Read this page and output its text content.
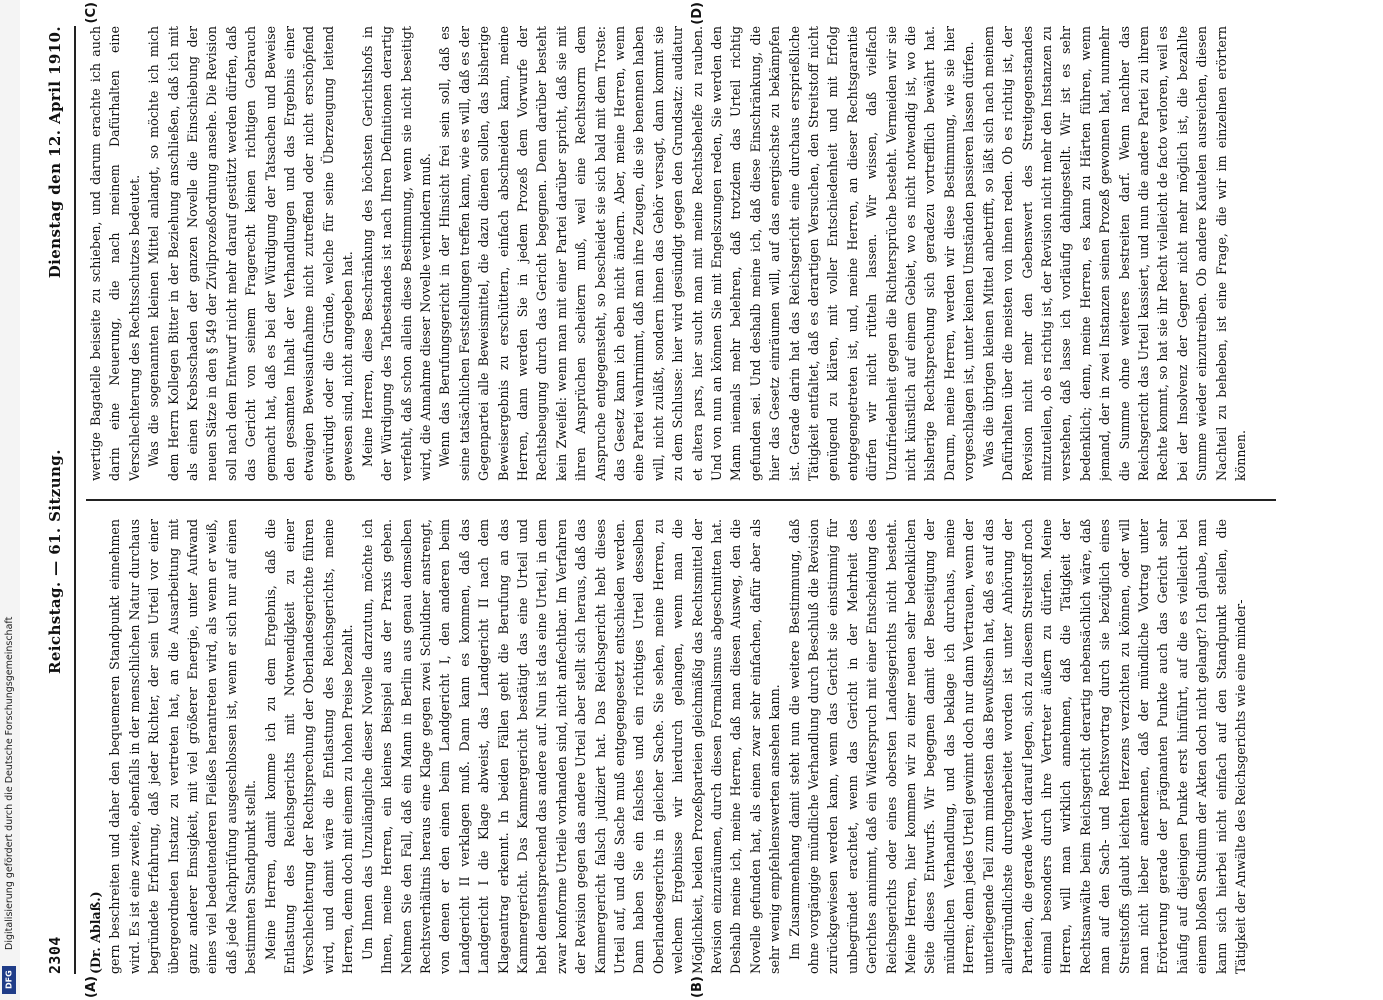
Digitalisierung gefördert durch die Deutsche Forschungsgemeinschaft
DFG
2304
Reichstag. — 61. Sitzung.
Dienstag den 12. April 1910.

(Dr. Ablaß.) gern beschreiten und daher den bequemeren Standpunkt einnehmen wird. Es ist eine zweite, ebenfalls in der menschlichen Natur durchaus begründete Erfahrung, daß jeder Richter, der sein Urteil vor einer übergeordneten Instanz zu vertreten hat, an die Ausarbeitung mit ganz anderer Emsigkeit, mit viel größerer Energie, unter Aufwand eines viel bedeutenderen Fleißes herantreten wird, als wenn er weiß, daß jede Nachprüfung ausgeschlossen ist, wenn er sich nur auf einen bestimmten Standpunkt stellt. Meine Herren, damit komme ich zu dem Ergebnis, daß die Entlastung des Reichsgerichts mit Notwendigkeit zu einer Verschlechterung der Rechtsprechung der Oberlandesgerichte führen wird, und damit wäre die Entlastung des Reichsgerichts, meine Herren, denn doch mit einem zu hohen Preise bezahlt. Um Ihnen das Unzulängliche dieser Novelle darzutun, möchte ich Ihnen, meine Herren, ein kleines Beispiel aus der Praxis geben. Nehmen Sie den Fall, daß ein Mann in Berlin aus genau demselben Rechtsverhältnis heraus eine Klage gegen zwei Schuldner anstrengt, von denen er den einen beim Landgericht I, den anderen beim Landgericht II verklagen muß. Dann kann es kommen, daß das Landgericht I die Klage abweist, das Landgericht II nach dem Klageantrag erkennt. In beiden Fällen geht die Berufung an das Kammergericht. Das Kammergericht bestätigt das eine Urteil und hebt dementsprechend das andere auf. Nun ist das eine Urteil, in dem zwar konforme Urteile vorhanden sind, nicht anfechtbar. Im Verfahren der Revision gegen das andere Urteil aber stellt sich heraus, daß das Kammergericht falsch judiziert hat. Das Reichsgericht hebt dieses Urteil auf, und die Sache muß entgegengesetzt entschieden werden. Dann haben Sie ein falsches und ein richtiges Urteil desselben Oberlandesgerichts in gleicher Sache. Sie sehen, meine Herren, zu welchem Ergebnisse wir hierdurch gelangen, wenn man die Möglichkeit, beiden Prozeßparteien gleichmäßig das Rechtsmittel der Revision einzuräumen, durch diesen Formalismus abgeschnitten hat. Deshalb meine ich, meine Herren, daß man diesen Ausweg, den die Novelle gefunden hat, als einen zwar sehr einfachen, dafür aber als sehr wenig empfehlenswerten ansehen kann. Im Zusammenhang damit steht nun die weitere Bestimmung, daß ohne vorgängige mündliche Verhandlung durch Beschluß die Revision zurückgewiesen werden kann, wenn das Gericht sie einstimmig für unbegründet erachtet, wenn das Gericht in der Mehrheit des Gerichtes annimmt, daß ein Widerspruch mit einer Entscheidung des Reichsgerichts oder eines obersten Landesgerichts nicht besteht. Meine Herren, hier kommen wir zu einer neuen sehr bedenklichen Seite dieses Entwurfs. Wir begegnen damit der Beseitigung der mündlichen Verhandlung, und das beklage ich durchaus, meine Herren; denn jedes Urteil gewinnt doch nur dann Vertrauen, wenn der unterliegende Teil zum mindesten das Bewußtsein hat, daß es auf das allergründlichste durchgearbeitet worden ist unter Anhörung der Parteien, die gerade Wert darauf legen, sich zu diesem Streitstoff noch einmal besonders durch ihre Vertreter äußern zu dürfen. Meine Herren, will man wirklich annehmen, daß die Tätigkeit der Rechtsanwälte beim Reichsgericht derartig nebensächlich wäre, daß man auf den Sach- und Rechtsvortrag durch sie bezüglich eines Streitstoffs glaubt leichten Herzens verzichten zu können, oder will man nicht lieber anerkennen, daß der mündliche Vortrag unter Erörterung gerade der prägnanten Punkte auch das Gericht sehr häufig auf diejenigen Punkte erst hinführt, auf die es vielleicht bei einem bloßen Studium der Akten doch nicht gelangt? Ich glaube, man kann sich hierbei nicht einfach auf den Standpunkt stellen, die Tätigkeit der Anwälte des Reichsgerichts wie eine minder-

wertige Bagatelle beiseite zu schieben, und darum erachte ich auch darin eine Neuerung, die nach meinem Dafürhalten eine Verschlechterung des Rechtsschutzes bedeutet. Was die sogenannten kleinen Mittel anlangt, so möchte ich mich dem Herrn Kollegen Bitter in der Beziehung anschließen, daß ich mit als einen Krebsschaden der ganzen Novelle die Einschiebung der neuen Sätze in den § 549 der Zivilprozeßordnung ansehe. Die Revision soll nach dem Entwurf nicht mehr darauf gestützt werden dürfen, daß das Gericht von seinem Fragerecht keinen richtigen Gebrauch gemacht hat, daß es bei der Würdigung der Tatsachen und Beweise den gesamten Inhalt der Verhandlungen und das Ergebnis einer etwaigen Beweisaufnahme nicht zutreffend oder nicht erschöpfend gewürdigt oder die Gründe, welche für seine Überzeugung leitend gewesen sind, nicht angegeben hat. Meine Herren, diese Beschränkung des höchsten Gerichtshofs in der Würdigung des Tatbestandes ist nach Ihren Definitionen derartig verfehlt, daß schon allein diese Bestimmung, wenn sie nicht beseitigt wird, die Annahme dieser Novelle verhindern muß. Wenn das Berufungsgericht in der Hinsicht frei sein soll, daß es seine tatsächlichen Feststellungen treffen kann, wie es will, daß es der Gegenpartei alle Beweismittel, die dazu dienen sollen, das bisherige Beweisergebnis zu erschüttern, einfach abschneiden kann, meine Herren, dann werden Sie in jedem Prozeß dem Vorwurfe der Rechtsbeugung durch das Gericht begegnen. Denn darüber besteht kein Zweifel: wenn man mit einer Partei darüber spricht, daß sie mit ihren Ansprüchen scheitern muß, weil eine Rechtsnorm dem Anspruche entgegensteht, so bescheidet sie sich bald mit dem Troste: das Gesetz kann ich eben nicht ändern. Aber, meine Herren, wenn eine Partei wahrnimmt, daß man ihre Zeugen, die sie benennen haben will, nicht zuläßt, sondern ihnen das Gehör versagt, dann kommt sie zu dem Schlusse: hier wird gesündigt gegen den Grundsatz: audiatur et altera pars, hier sucht man mit meine Rechtsbehelfe zu rauben. Und von nun an können Sie mit Engelszungen reden, Sie werden den Mann niemals mehr belehren, daß trotzdem das Urteil richtig gefunden sei. Und deshalb meine ich, daß diese Einschränkung, die hier das Gesetz einräumen will, auf das energischste zu bekämpfen ist. Gerade darin hat das Reichsgericht eine durchaus ersprießliche Tätigkeit entfaltet, daß es derartigen Versuchen, den Streitstoff nicht genügend zu klären, mit voller Entschiedenheit und mit Erfolg entgegengetreten ist, und, meine Herren, an dieser Rechtsgarantie dürfen wir nicht rütteln lassen. Wir wissen, daß vielfach Unzufriedenheit gegen die Richtersprüche besteht. Vermeiden wir sie nicht künstlich auf einem Gebiet, wo es nicht notwendig ist, wo die bisherige Rechtsprechung sich geradezu vortrefflich bewährt hat. Darum, meine Herren, werden wir diese Bestimmung, wie sie hier vorgeschlagen ist, unter keinen Umständen passieren lassen dürfen. Was die übrigen kleinen Mittel anbetrifft, so läßt sich nach meinem Dafürhalten über die meisten von ihnen reden. Ob es richtig ist, der Revision nicht mehr den Gebenswert des Streitgegenstandes mitzuteilen, ob es richtig ist, der Revision nicht mehr den Instanzen zu verstehen, daß lasse ich vorläufig dahingestellt. Wir ist es sehr bedenklich; denn, meine Herren, es kann zu Härten führen, wenn jemand, der in zwei Instanzen seinen Prozeß gewonnen hat, nunmehr die Summe ohne weiteres bestreiten darf. Wenn nachher das Reichsgericht das Urteil kassiert, und nun die andere Partei zu ihrem Rechte kommt, so hat sie ihr Recht vielleicht de facto verloren, weil es bei der Insolvenz der Gegner nicht mehr möglich ist, die bezahlte Summe wieder einzutreiben. Ob andere Kautelen ausreichen, diesen Nachteil zu beheben, ist eine Frage, die wir im einzelnen erörtern können.

(A)	(B)
(C)	(D)
